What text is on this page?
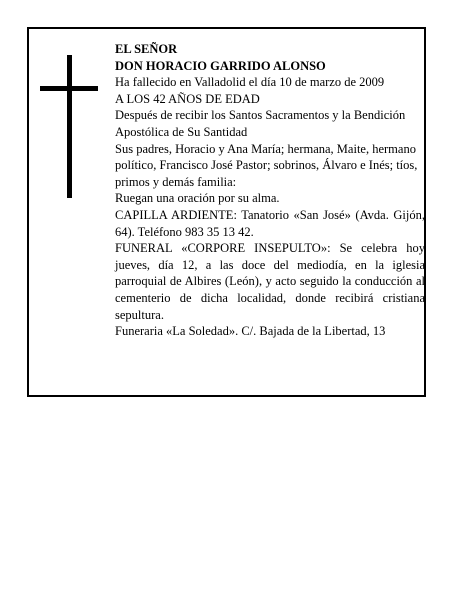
EL SEÑOR

DON HORACIO GARRIDO ALONSO

Ha fallecido en Valladolid el día 10 de marzo de 2009

A LOS 42 AÑOS DE EDAD

Después de recibir los Santos Sacramentos y la Bendición Apostólica de Su Santidad

Sus padres, Horacio y Ana María; hermana, Maite, hermano político, Francisco José Pastor; sobrinos, Álvaro e Inés; tíos, primos y demás familia:

Ruegan una oración por su alma.

CAPILLA ARDIENTE: Tanatorio «San José» (Avda. Gijón, 64). Teléfono 983 35 13 42.

FUNERAL «CORPORE INSEPULTO»: Se celebra hoy jueves, día 12, a las doce del mediodía, en la iglesia parroquial de Albires (León), y acto seguido la conducción al cementerio de dicha localidad, donde recibirá cristiana sepultura.

Funeraria «La Soledad». C/. Bajada de la Libertad, 13
